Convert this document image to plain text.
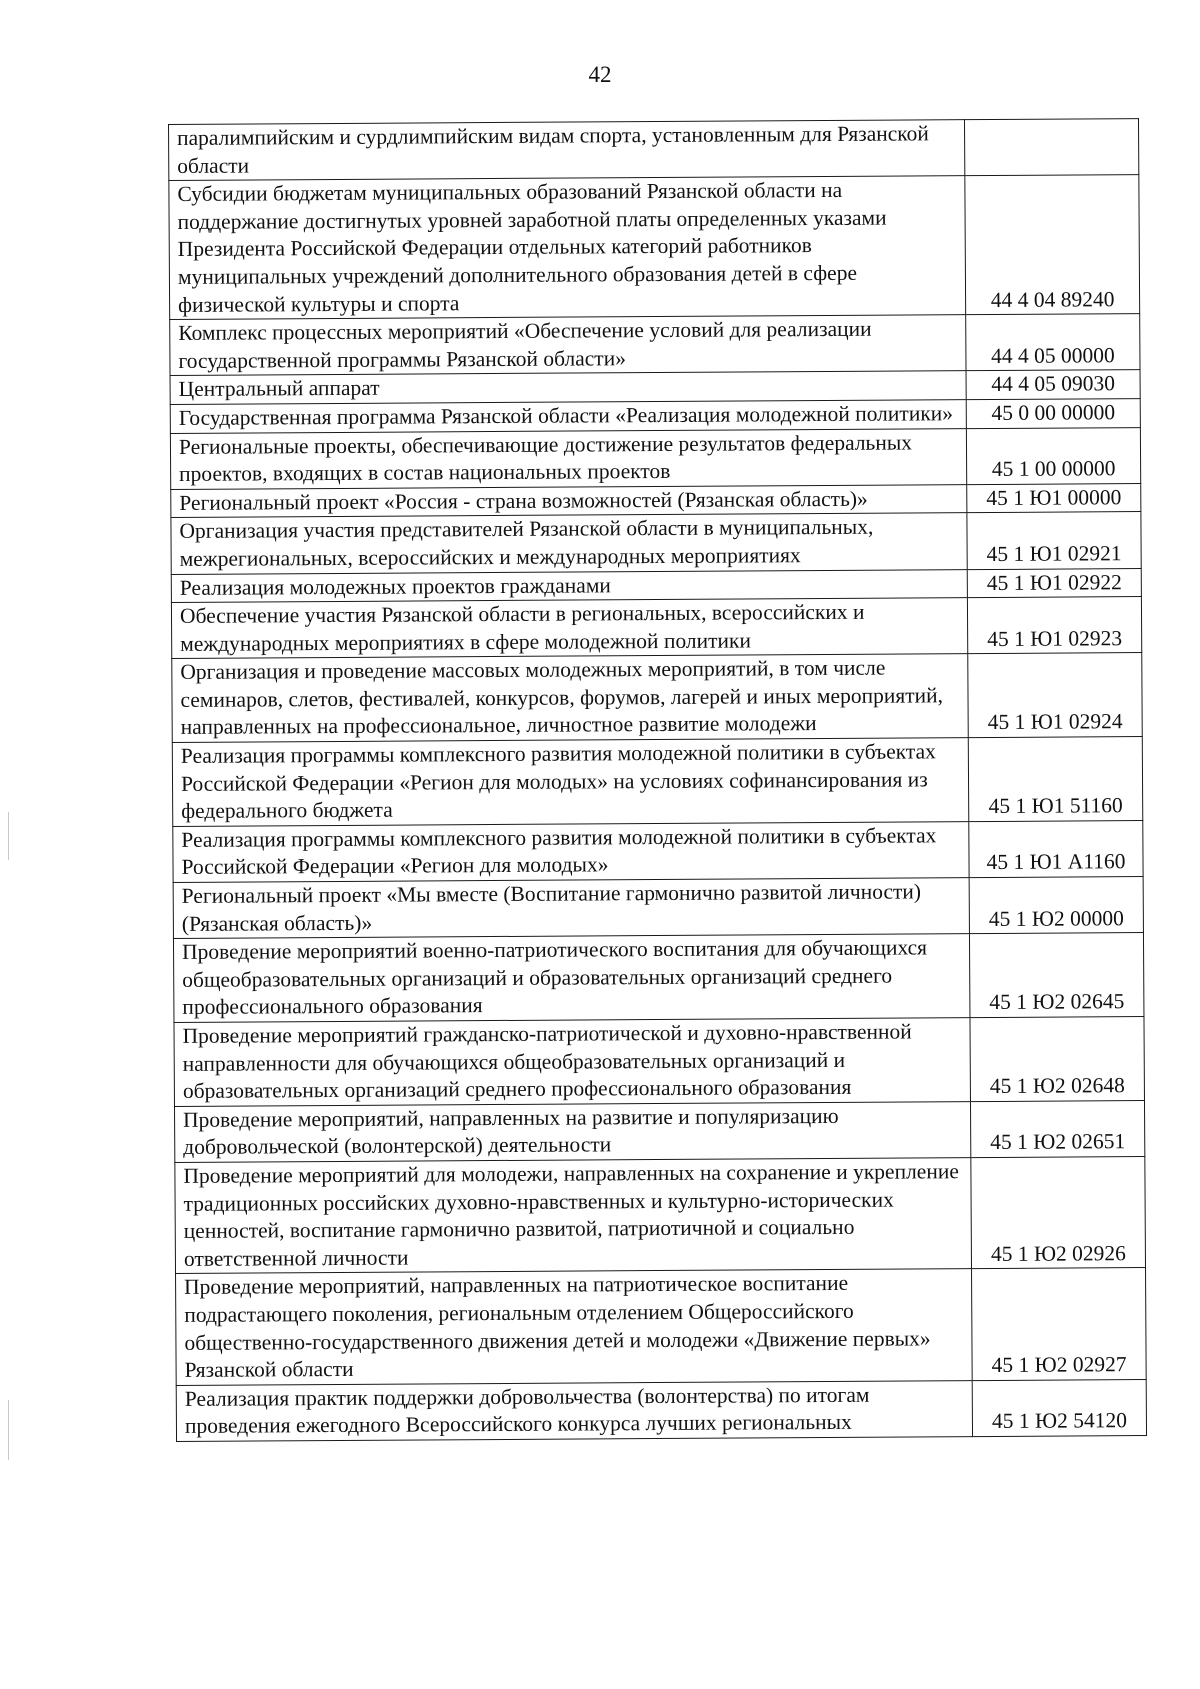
42
паралимпийским и сурдлимпийским видам спорта, установленным для Рязанской области	
Субсидии бюджетам муниципальных образований Рязанской области на поддержание достигнутых уровней заработной платы определенных указами Президента Российской Федерации отдельных категорий работников муниципальных учреждений дополнительного образования детей в сфере физической культуры и спорта	44 4 04 89240
Комплекс процессных мероприятий «Обеспечение условий для реализации государственной программы Рязанской области»	44 4 05 00000
Центральный аппарат	44 4 05 09030
Государственная программа Рязанской области «Реализация молодежной политики»	45 0 00 00000
Региональные проекты, обеспечивающие достижение результатов федеральных проектов, входящих в состав национальных проектов	45 1 00 00000
Региональный проект «Россия - страна возможностей (Рязанская область)»	45 1 Ю1 00000
Организация участия представителей Рязанской области в муниципальных, межрегиональных, всероссийских и международных мероприятиях	45 1 Ю1 02921
Реализация молодежных проектов гражданами	45 1 Ю1 02922
Обеспечение участия Рязанской области в региональных, всероссийских и международных мероприятиях в сфере молодежной политики	45 1 Ю1 02923
Организация и проведение массовых молодежных мероприятий, в том числе семинаров, слетов, фестивалей, конкурсов, форумов, лагерей и иных мероприятий, направленных на профессиональное, личностное развитие молодежи	45 1 Ю1 02924
Реализация программы комплексного развития молодежной политики в субъектах Российской Федерации «Регион для молодых» на условиях софинансирования из федерального бюджета	45 1 Ю1 51160
Реализация программы комплексного развития молодежной политики в субъектах Российской Федерации «Регион для молодых»	45 1 Ю1 А1160
Региональный проект «Мы вместе (Воспитание гармонично развитой личности) (Рязанская область)»	45 1 Ю2 00000
Проведение мероприятий военно-патриотического воспитания для обучающихся общеобразовательных организаций и образовательных организаций среднего профессионального образования	45 1 Ю2 02645
Проведение мероприятий гражданско-патриотической и духовно-нравственной направленности для обучающихся общеобразовательных организаций и образовательных организаций среднего профессионального образования	45 1 Ю2 02648
Проведение мероприятий, направленных на развитие и популяризацию добровольческой (волонтерской) деятельности	45 1 Ю2 02651
Проведение мероприятий для молодежи, направленных на сохранение и укрепление традиционных российских духовно-нравственных и культурно-исторических ценностей, воспитание гармонично развитой, патриотичной и социально ответственной личности	45 1 Ю2 02926
Проведение мероприятий, направленных на патриотическое воспитание подрастающего поколения, региональным отделением Общероссийского общественно-государственного движения детей и молодежи «Движение первых» Рязанской области	45 1 Ю2 02927
Реализация практик поддержки добровольчества (волонтерства) по итогам проведения ежегодного Всероссийского конкурса лучших региональных	45 1 Ю2 54120
